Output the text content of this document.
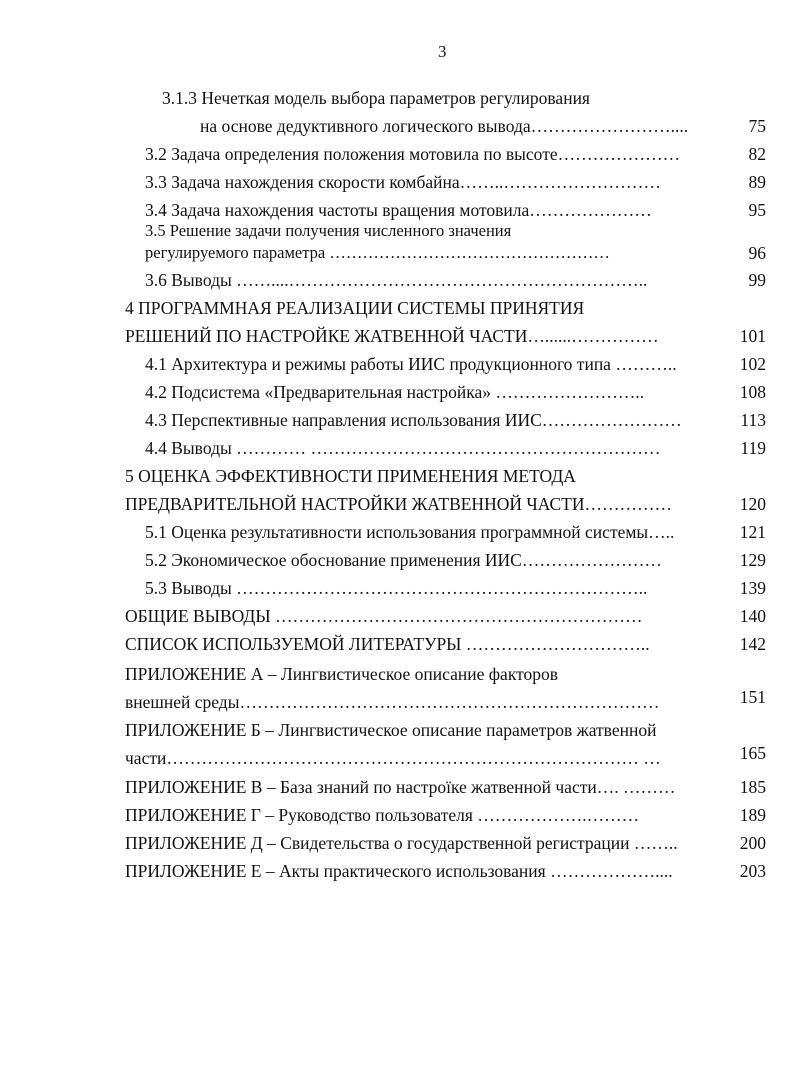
3
3.1.3 Нечеткая модель выбора параметров регулирования
на основе дедуктивного логического вывода……………………....	75
3.2 Задача определения положения мотовила по высоте…………………	82
3.3 Задача нахождения скорости комбайна……..………………………	89
3.4 Задача нахождения частоты вращения мотовила…………………	95
3.5 Решение задачи получения численного значения
регулируемого параметра ……………………………………………	96
3.6 Выводы ……....……………………………………………………..	99
4 ПРОГРАММНАЯ РЕАЛИЗАЦИИ СИСТЕМЫ ПРИНЯТИЯ
РЕШЕНИЙ ПО НАСТРОЙКЕ ЖАТВЕННОЙ ЧАСТИ…......……………	101
4.1 Архитектура и режимы работы ИИС продукционного типа ………..	102
4.2 Подсистема «Предварительная настройка» ……………………..	108
4.3 Перспективные направления использования ИИС……………………	113
4.4 Выводы ………… ……………………………………………………	119
5 ОЦЕНКА ЭФФЕКТИВНОСТИ ПРИМЕНЕНИЯ МЕТОДА
ПРЕДВАРИТЕЛЬНОЙ НАСТРОЙКИ ЖАТВЕННОЙ ЧАСТИ……………	120
5.1 Оценка результативности использования программной системы…..	121
5.2 Экономическое обоснование применения ИИС……………………	129
5.3 Выводы ……………………………………………………………..	139
ОБЩИЕ ВЫВОДЫ ………………………………………………………	140
СПИСОК ИСПОЛЬЗУЕМОЙ ЛИТЕРАТУРЫ …………………………..	142
ПРИЛОЖЕНИЕ А – Лингвистическое описание факторов
внешней среды………………………………………………………………	151
ПРИЛОЖЕНИЕ Б – Лингвистическое описание параметров жатвенной
части……………………………………………………………………… …	165
ПРИЛОЖЕНИЕ В – База знаний по настроїке жатвенной части…. ………	185
ПРИЛОЖЕНИЕ Г – Руководство пользователя ……………….………	189
ПРИЛОЖЕНИЕ Д – Свидетельства о государственной регистрации ……..	200
ПРИЛОЖЕНИЕ Е – Акты практического использования ………………....	203
